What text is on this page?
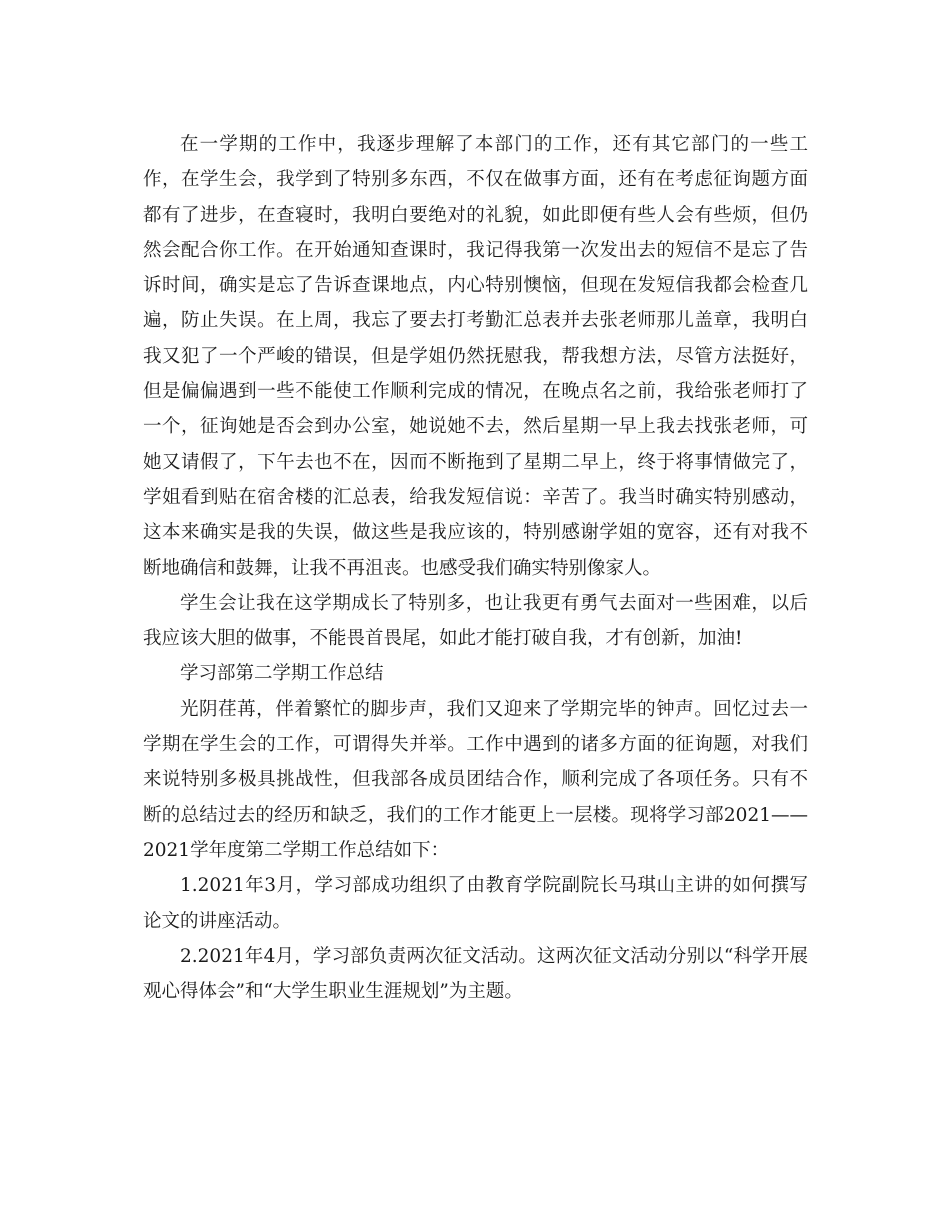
在一学期的工作中，我逐步理解了本部门的工作，还有其它部门的一些工作，在学生会，我学到了特别多东西，不仅在做事方面，还有在考虑征询题方面都有了进步，在查寝时，我明白要绝对的礼貌，如此即便有些人会有些烦，但仍然会配合你工作。在开始通知查课时，我记得我第一次发出去的短信不是忘了告诉时间，确实是忘了告诉查课地点，内心特别懊恼，但现在发短信我都会检查几遍，防止失误。在上周，我忘了要去打考勤汇总表并去张老师那儿盖章，我明白我又犯了一个严峻的错误，但是学姐仍然抚慰我，帮我想方法，尽管方法挺好，但是偏偏遇到一些不能使工作顺利完成的情况，在晚点名之前，我给张老师打了一个，征询她是否会到办公室，她说她不去，然后星期一早上我去找张老师，可她又请假了，下午去也不在，因而不断拖到了星期二早上，终于将事情做完了，学姐看到贴在宿舍楼的汇总表，给我发短信说：辛苦了。我当时确实特别感动，这本来确实是我的失误，做这些是我应该的，特别感谢学姐的宽容，还有对我不断地确信和鼓舞，让我不再沮丧。也感受我们确实特别像家人。

学生会让我在这学期成长了特别多，也让我更有勇气去面对一些困难，以后我应该大胆的做事，不能畏首畏尾，如此才能打破自我，才有创新，加油!

学习部第二学期工作总结

光阴荏苒，伴着繁忙的脚步声，我们又迎来了学期完毕的钟声。回忆过去一学期在学生会的工作，可谓得失并举。工作中遇到的诸多方面的征询题，对我们来说特别多极具挑战性，但我部各成员团结合作，顺利完成了各项任务。只有不断的总结过去的经历和缺乏，我们的工作才能更上一层楼。现将学习部2021——2021学年度第二学期工作总结如下：

1.2021年3月，学习部成功组织了由教育学院副院长马琪山主讲的如何撰写论文的讲座活动。

2.2021年4月，学习部负责两次征文活动。这两次征文活动分别以“科学开展观心得体会”和“大学生职业生涯规划”为主题。
